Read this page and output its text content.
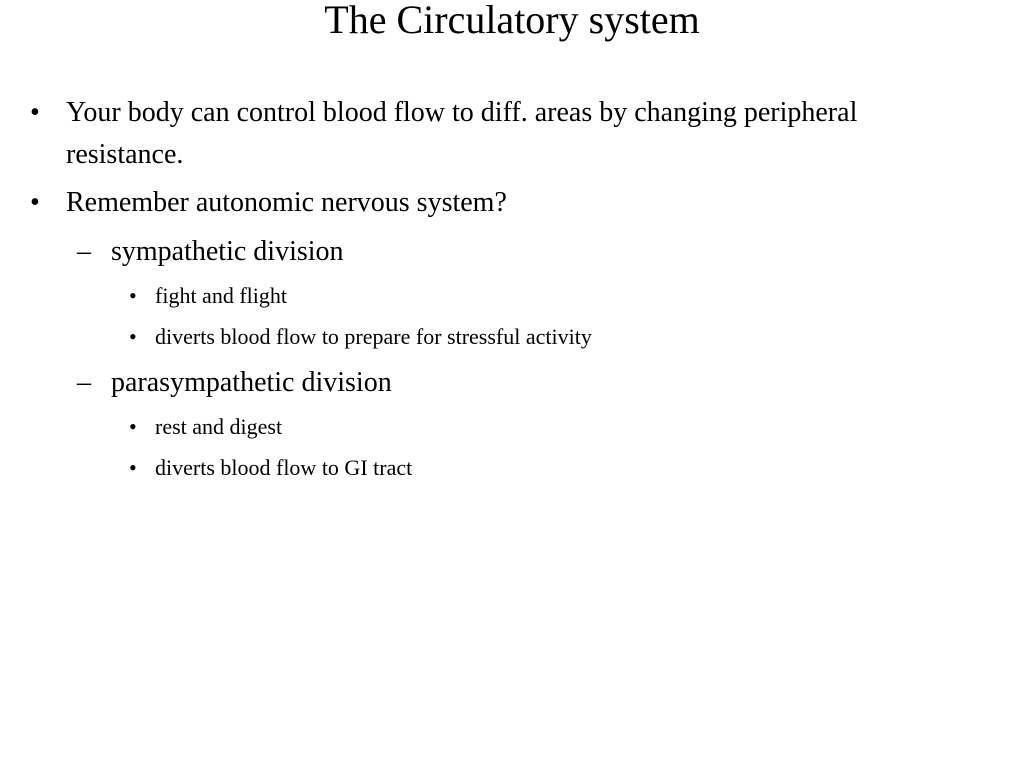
The Circulatory system
• Your body can control blood flow to diff. areas by changing peripheral resistance.
• Remember autonomic nervous system?
– sympathetic division
• fight and flight
• diverts blood flow to prepare for stressful activity
– parasympathetic division
• rest and digest
• diverts blood flow to GI tract
